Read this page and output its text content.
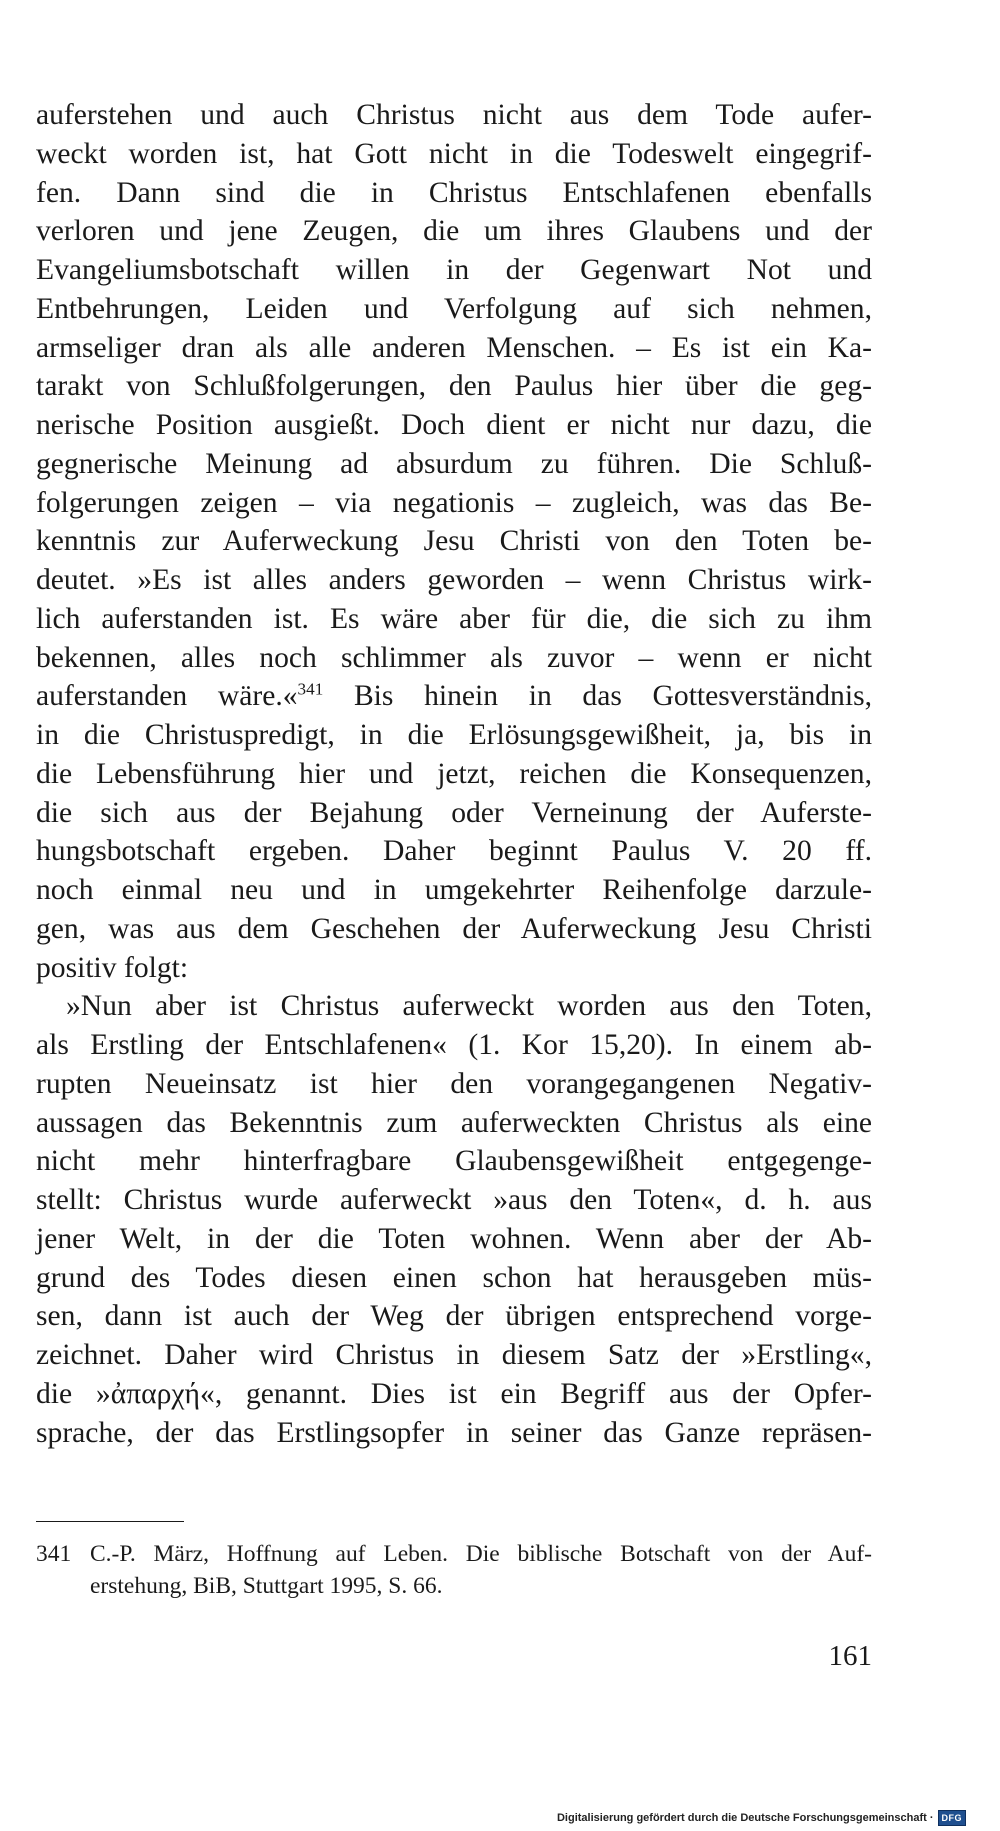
auferstehen und auch Christus nicht aus dem Tode aufer-
weckt worden ist, hat Gott nicht in die Todeswelt eingegrif-
fen. Dann sind die in Christus Entschlafenen ebenfalls
verloren und jene Zeugen, die um ihres Glaubens und der
Evangeliumsbotschaft willen in der Gegenwart Not und
Entbehrungen, Leiden und Verfolgung auf sich nehmen,
armseliger dran als alle anderen Menschen. – Es ist ein Ka-
tarakt von Schlußfolgerungen, den Paulus hier über die geg-
nerische Position ausgießt. Doch dient er nicht nur dazu, die
gegnerische Meinung ad absurdum zu führen. Die Schluß-
folgerungen zeigen – via negationis – zugleich, was das Be-
kenntnis zur Auferweckung Jesu Christi von den Toten be-
deutet. »Es ist alles anders geworden – wenn Christus wirk-
lich auferstanden ist. Es wäre aber für die, die sich zu ihm
bekennen, alles noch schlimmer als zuvor – wenn er nicht
auferstanden wäre.«$^{341}$ Bis hinein in das Gottesverständnis,
in die Christuspredigt, in die Erlösungsgewißheit, ja, bis in
die Lebensführung hier und jetzt, reichen die Konsequenzen,
die sich aus der Bejahung oder Verneinung der Auferste-
hungsbotschaft ergeben. Daher beginnt Paulus V. 20 ff.
noch einmal neu und in umgekehrter Reihenfolge darzule-
gen, was aus dem Geschehen der Auferweckung Jesu Christi
positiv folgt:
»Nun aber ist Christus auferweckt worden aus den Toten,
als Erstling der Entschlafenen« (1. Kor 15,20). In einem ab-
rupten Neueinsatz ist hier den vorangegangenen Negativ-
aussagen das Bekenntnis zum auferweckten Christus als eine
nicht mehr hinterfragbare Glaubensgewißheit entgegenge-
stellt: Christus wurde auferweckt »aus den Toten«, d. h. aus
jener Welt, in der die Toten wohnen. Wenn aber der Ab-
grund des Todes diesen einen schon hat herausgeben müs-
sen, dann ist auch der Weg der übrigen entsprechend vorge-
zeichnet. Daher wird Christus in diesem Satz der »Erstling«,
die »ἀπαρχή«, genannt. Dies ist ein Begriff aus der Opfer-
sprache, der das Erstlingsopfer in seiner das Ganze repräsen-
341 C.-P. März, Hoffnung auf Leben. Die biblische Botschaft von der Auf-
erstehung, BiB, Stuttgart 1995, S. 66.
161
Digitalisierung gefördert durch die Deutsche Forschungsgemeinschaft · DFG
